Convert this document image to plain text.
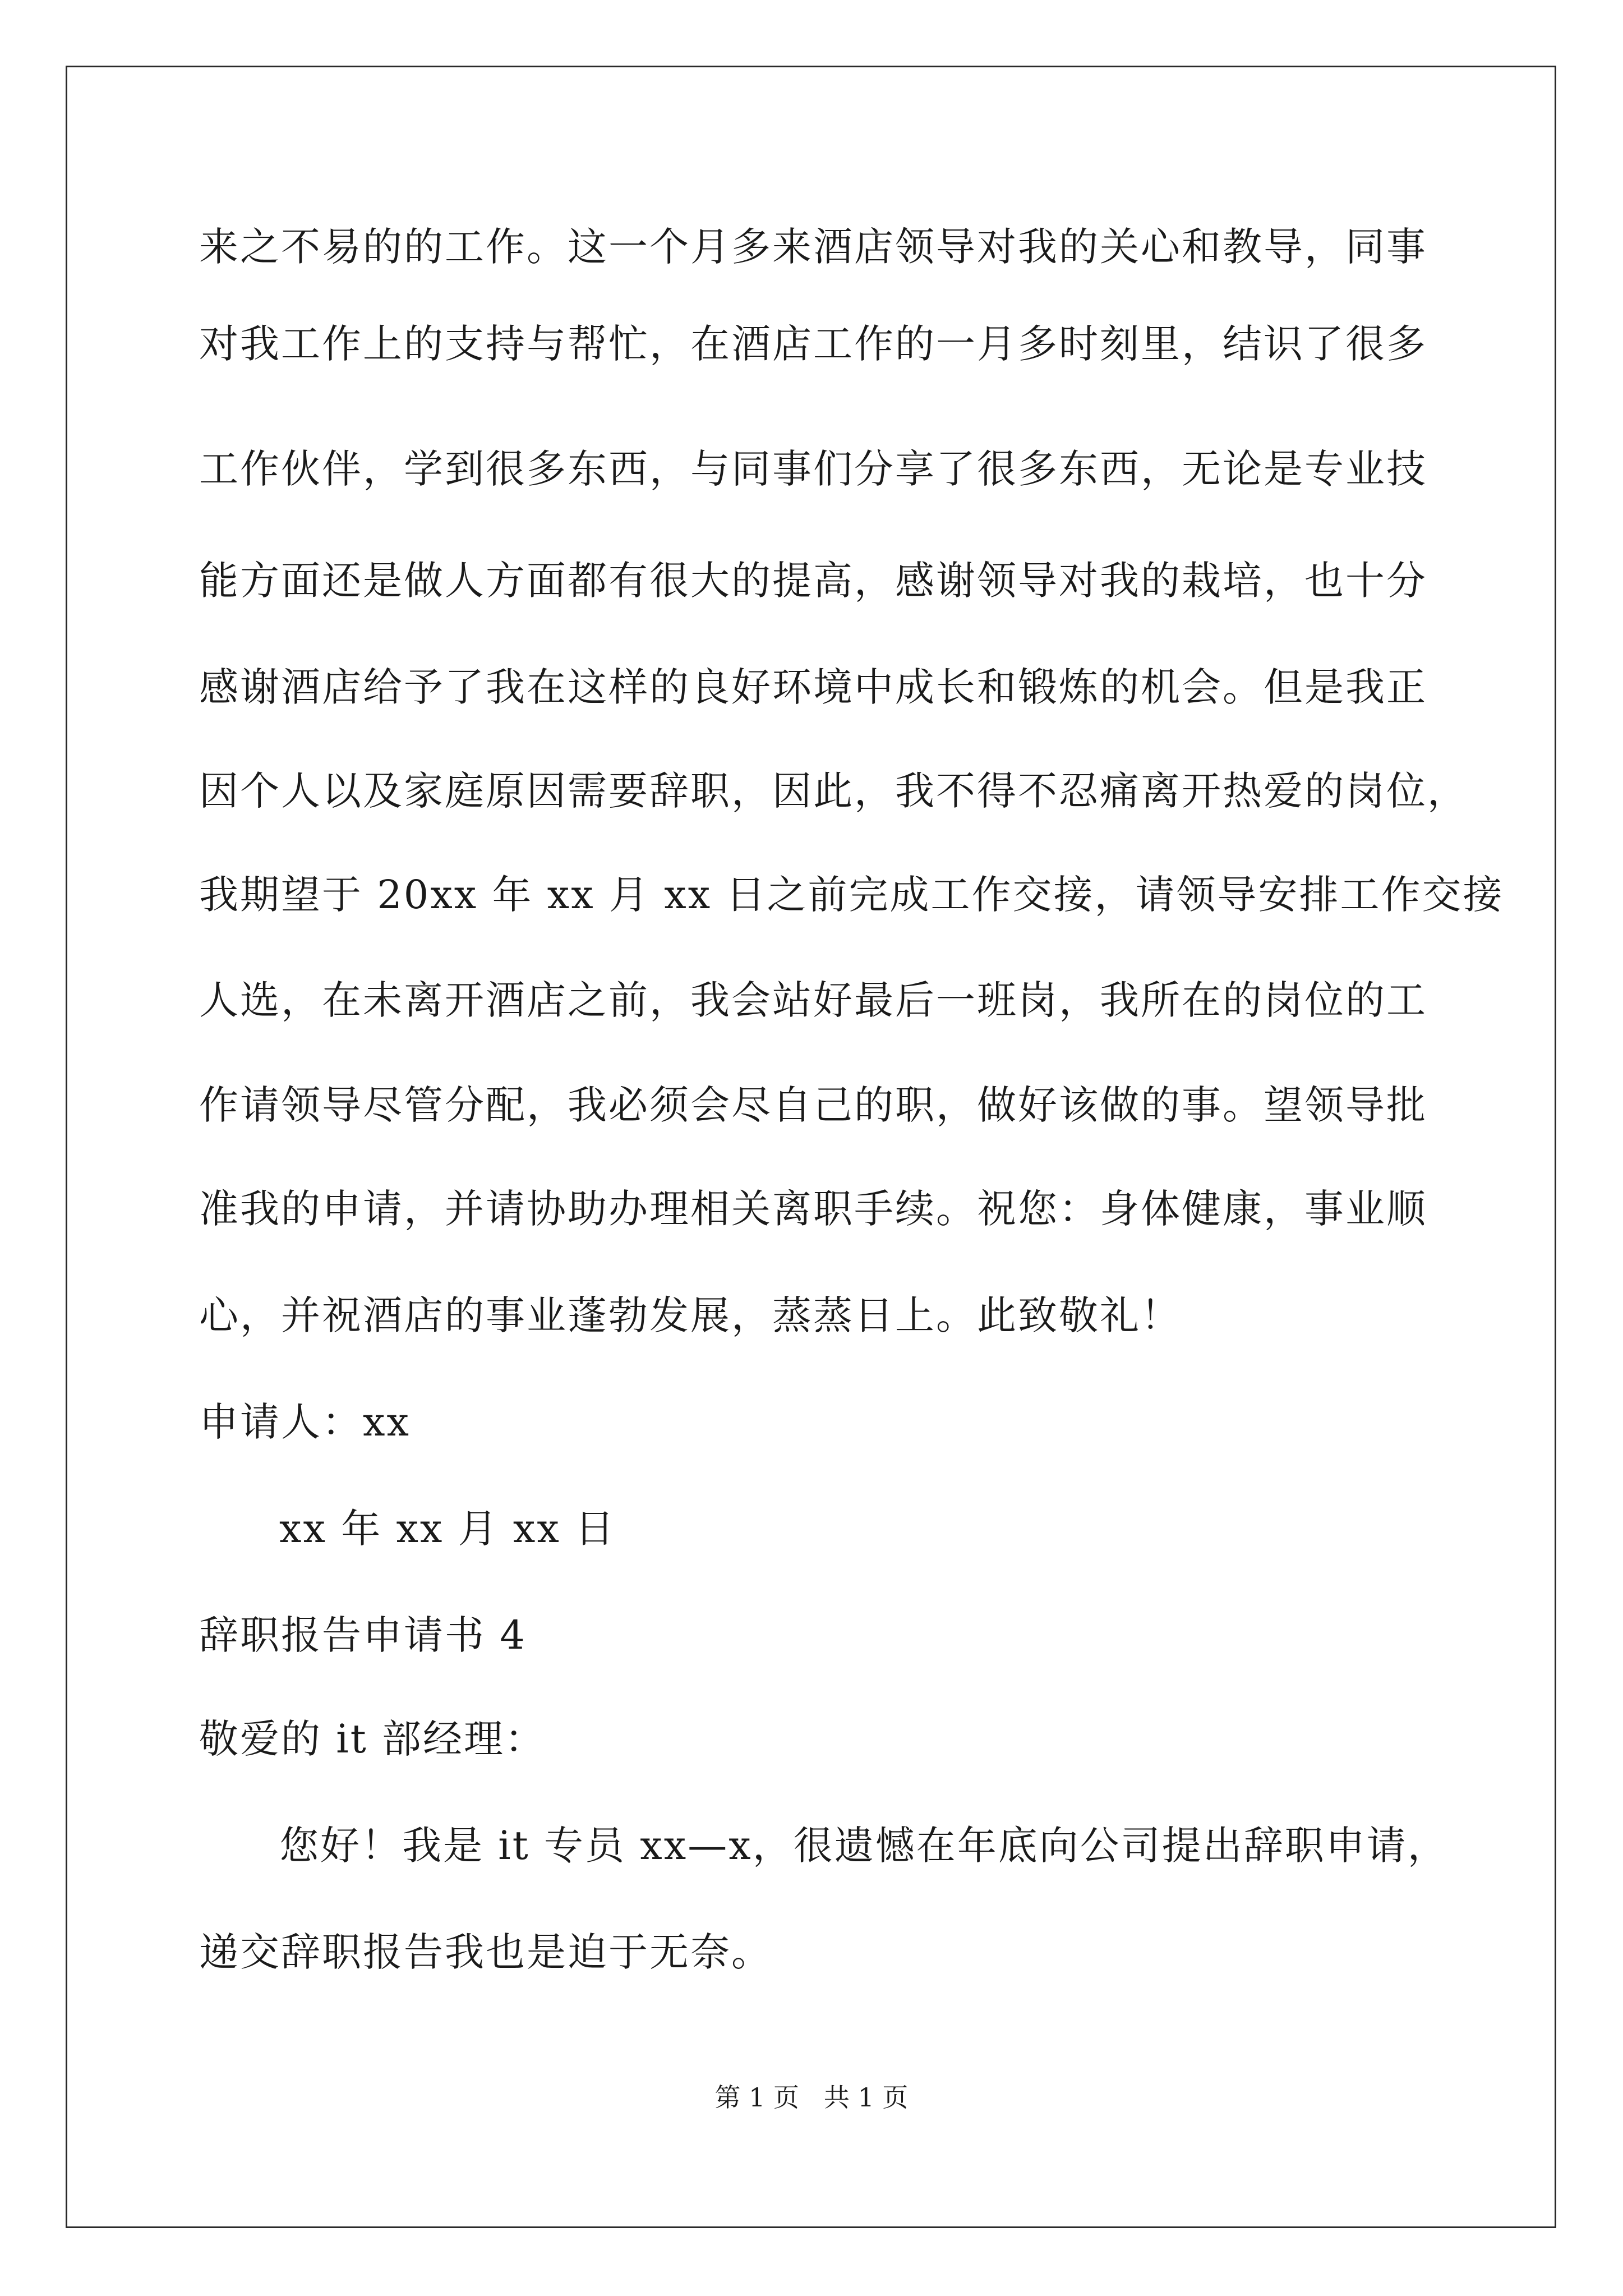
来之不易的的工作。这一个月多来酒店领导对我的关心和教导，同事
对我工作上的支持与帮忙，在酒店工作的一月多时刻里，结识了很多
工作伙伴，学到很多东西，与同事们分享了很多东西，无论是专业技
能方面还是做人方面都有很大的提高，感谢领导对我的栽培，也十分
感谢酒店给予了我在这样的良好环境中成长和锻炼的机会。但是我正
因个人以及家庭原因需要辞职，因此，我不得不忍痛离开热爱的岗位，
我期望于 20xx 年 xx 月 xx 日之前完成工作交接，请领导安排工作交接
人选，在未离开酒店之前，我会站好最后一班岗，我所在的岗位的工
作请领导尽管分配，我必须会尽自己的职，做好该做的事。望领导批
准我的申请，并请协助办理相关离职手续。祝您：身体健康，事业顺
心，并祝酒店的事业蓬勃发展，蒸蒸日上。此致敬礼！
申请人：xx
xx 年 xx 月 xx 日
辞职报告申请书 4
敬爱的 it 部经理：
您好！我是 it 专员 xx—x，很遗憾在年底向公司提出辞职申请，
递交辞职报告我也是迫于无奈。
第 1 页   共 1 页
